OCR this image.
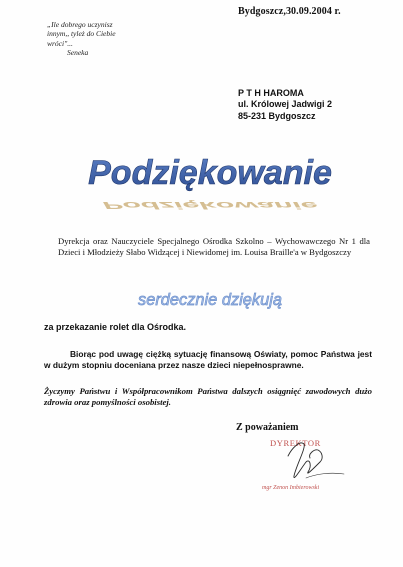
Bydgoszcz,30.09.2004 r.
„Ile dobrego uczynisz
innym,, tyleż do Ciebie
wróci"...
Seneka
P T H HAROMA
ul. Królowej Jadwigi 2
85-231 Bydgoszcz
Podziękowanie
Podziękowanie
Dyrekcja oraz Nauczyciele Specjalnego Ośrodka Szkolno – Wychowawczego Nr 1 dla Dzieci i Młodzieży Słabo Widzącej i Niewidomej im. Louisa Braille'a w Bydgoszczy
serdecznie dziękują
za przekazanie rolet dla Ośrodka.
Biorąc pod uwagę ciężką sytuację finansową Oświaty, pomoc Państwa jest w dużym stopniu doceniana przez nasze dzieci niepełnosprawne.
Życzymy Państwu i Współpracownikom Państwa dalszych osiągnięć zawodowych dużo zdrowia oraz pomyślności osobistej.
Z poważaniem
DYREKTOR
mgr Zenon Imbierowski
